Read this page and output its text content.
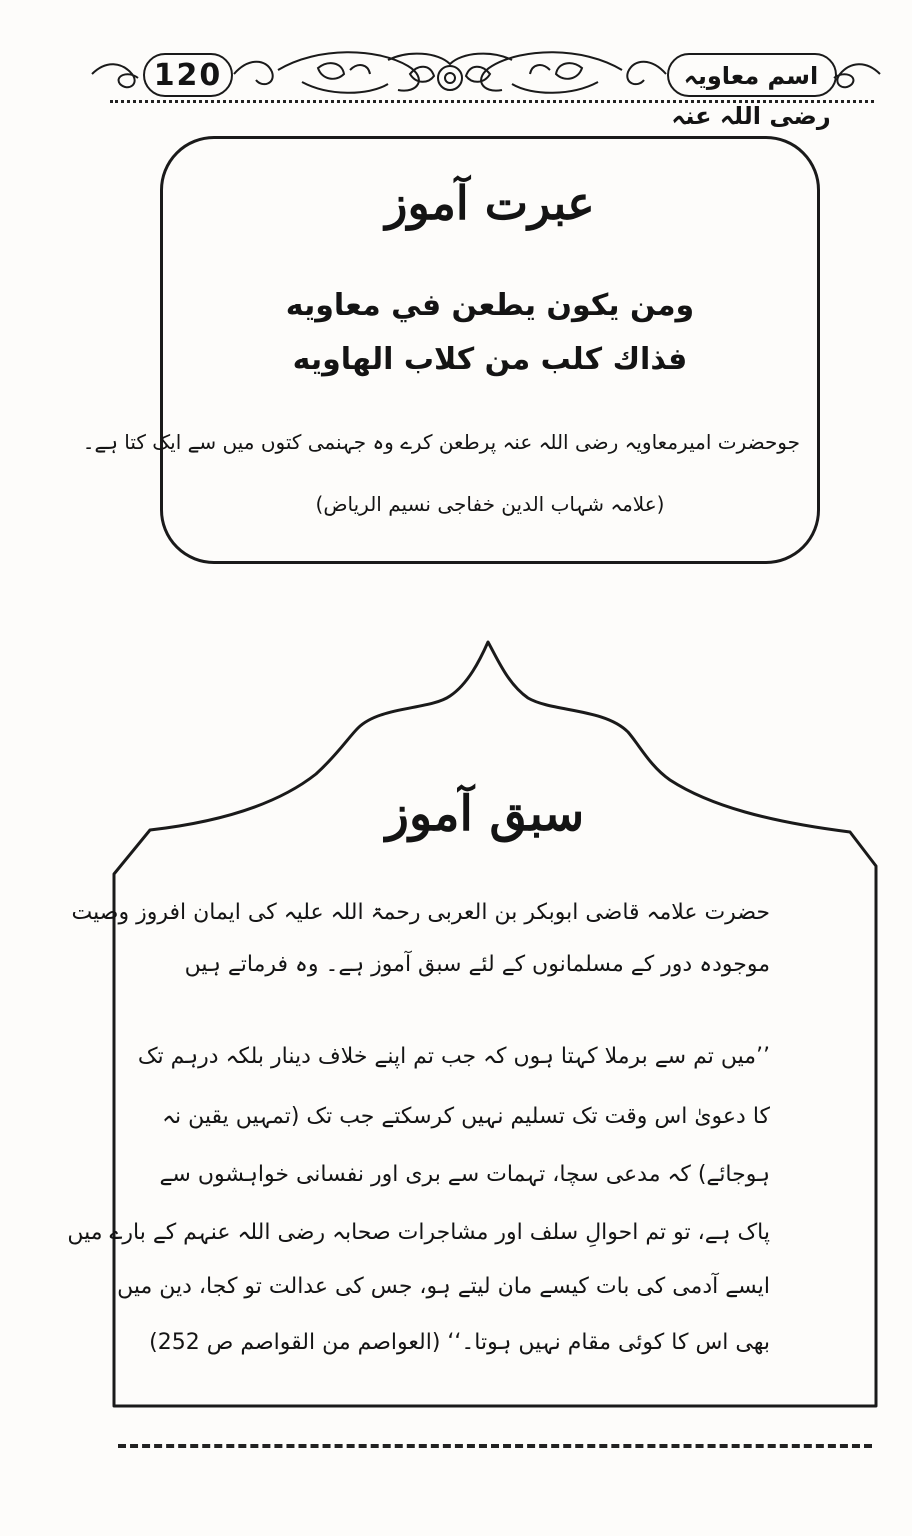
120	اسم معاویہ رضی اللہ عنہ
عبرت آموز
ومن يكون يطعن في معاويه
فذاك كلب من كلاب الهاويه
جوحضرت امیرمعاویہ رضی اللہ عنہ پرطعن کرے وہ جہنمی کتوں میں سے ایک کتا ہے۔
(علامہ شہاب الدین خفاجی نسیم الریاض)
سبق آموز
حضرت علامہ قاضی ابوبکر بن العربی رحمۃ اللہ علیہ کی ایمان افروز وصیت
موجودہ دور کے مسلمانوں کے لئے سبق آموز ہے۔ وہ فرماتے ہیں
’’میں تم سے برملا کہتا ہوں کہ جب تم اپنے خلاف دینار بلکہ درہم تک
کا دعویٰ اس وقت تک تسلیم نہیں کرسکتے جب تک (تمہیں یقین نہ
ہوجائے) کہ مدعی سچا، تہمات سے بری اور نفسانی خواہشوں سے
پاک ہے، تو تم احوالِ سلف اور مشاجرات صحابہ رضی اللہ عنہم کے بارے میں
ایسے آدمی کی بات کیسے مان لیتے ہو، جس کی عدالت تو کجا، دین میں
بھی اس کا کوئی مقام نہیں ہوتا۔‘‘ (العواصم من القواصم ص 252)
